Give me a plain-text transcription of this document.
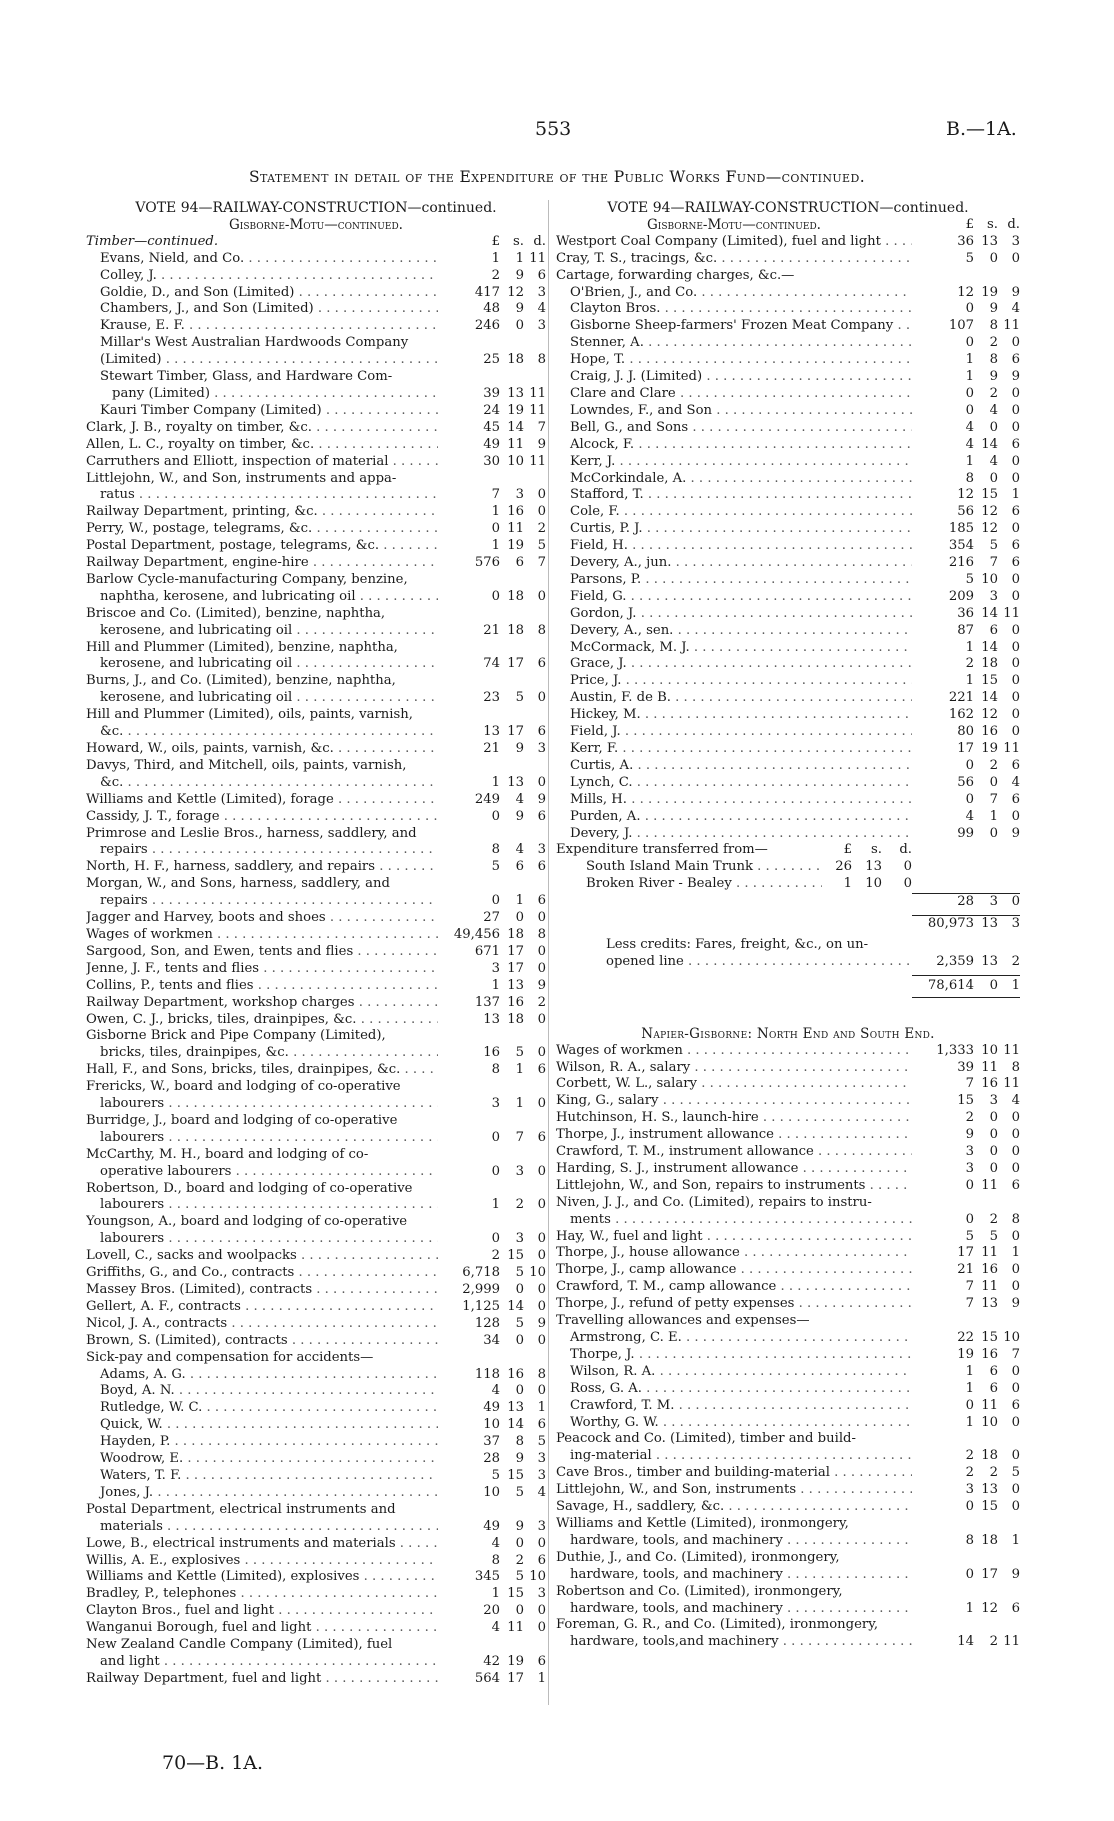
553	B.—1A.
Statement in detail of the Expenditure of the Public Works Fund—continued.
VOTE 94—RAILWAY-CONSTRUCTION—continued.
Gisborne-Motu—continued.
Timber—continued.	£ s. d.
Evans, Nield, and Co. . . .	1	1 11
Colley, J. . . .	2	9	6
Goldie, D., and Son (Limited) . . .	417 12	3
Chambers, J., and Son (Limited) . . .	48	9	4
Krause, E. F. . . .	246	0	3
Millar's West Australian Hardwoods Company
(Limited) . . .	25 18	8
Stewart Timber, Glass, and Hardware Com-
pany (Limited) . . .	39 13 11
Kauri Timber Company (Limited) . . .	24 19 11
Clark, J. B., royalty on timber, &c. . . .	45 14	7
Allen, L. C., royalty on timber, &c. . . .	49 11	9
Carruthers and Elliott, inspection of material . . .	30 10 11
Littlejohn, W., and Son, instruments and appa-
ratus . . .	7	3	0
Railway Department, printing, &c. . . .	1 16	0
Perry, W., postage, telegrams, &c. . . .	0 11	2
Postal Department, postage, telegrams, &c. . . .	1 19	5
Railway Department, engine-hire . . .	576	6	7
Barlow Cycle-manufacturing Company, benzine,
naphtha, kerosene, and lubricating oil . . .	0 18	0
Briscoe and Co. (Limited), benzine, naphtha,
kerosene, and lubricating oil . . .	21 18	8
Hill and Plummer (Limited), benzine, naphtha,
kerosene, and lubricating oil . . .	74 17	6
Burns, J., and Co. (Limited), benzine, naphtha,
kerosene, and lubricating oil . . .	23	5	0
Hill and Plummer (Limited), oils, paints, varnish,
&c. . . .	13 17	6
Howard, W., oils, paints, varnish, &c. . . .	21	9	3
Davys, Third, and Mitchell, oils, paints, varnish,
&c. . . .	1 13	0
Williams and Kettle (Limited), forage . . .	249	4	9
Cassidy, J. T., forage . . .	0	9	6
Primrose and Leslie Bros., harness, saddlery, and
repairs . . .	8	4	3
North, H. F., harness, saddlery, and repairs . . .	5	6	6
Morgan, W., and Sons, harness, saddlery, and
repairs . . .	0	1	6
Jagger and Harvey, boots and shoes . . .	27	0	0
Wages of workmen . . .	49,456 18	8
Sargood, Son, and Ewen, tents and flies . . .	671 17	0
Jenne, J. F., tents and flies . . .	3 17	0
Collins, P., tents and flies . . .	1 13	9
Railway Department, workshop charges . . .	137 16	2
Owen, C. J., bricks, tiles, drainpipes, &c. . . .	13 18	0
Gisborne Brick and Pipe Company (Limited),
bricks, tiles, drainpipes, &c. . . .	16	5	0
Hall, F., and Sons, bricks, tiles, drainpipes, &c. . . .	8	1	6
Frericks, W., board and lodging of co-operative
labourers . . .	3	1	0
Burridge, J., board and lodging of co-operative
labourers . . .	0	7	6
McCarthy, M. H., board and lodging of co-
operative labourers . . .	0	3	0
Robertson, D., board and lodging of co-operative
labourers . . .	1	2	0
Youngson, A., board and lodging of co-operative
labourers . . .	0	3	0
Lovell, C., sacks and woolpacks . . .	2 15	0
Griffiths, G., and Co., contracts . . .	6,718	5 10
Massey Bros. (Limited), contracts . . .	2,999	0	0
Gellert, A. F., contracts . . .	1,125 14	0
Nicol, J. A., contracts . . .	128	5	9
Brown, S. (Limited), contracts . . .	34	0	0
Sick-pay and compensation for accidents—
Adams, A. G. . . .	118 16	8
Boyd, A. N. . . .	4	0	0
Rutledge, W. C. . . .	49 13	1
Quick, W. . . .	10 14	6
Hayden, P. . . .	37	8	5
Woodrow, E. . . .	28	9	3
Waters, T. F. . . .	5 15	3
Jones, J. . . .	10	5	4
Postal Department, electrical instruments and
materials . . .	49	9	3
Lowe, B., electrical instruments and materials . . .	4	0	0
Willis, A. E., explosives . . .	8	2	6
Williams and Kettle (Limited), explosives . . .	345	5 10
Bradley, P., telephones . . .	1 15	3
Clayton Bros., fuel and light . . .	20	0	0
Wanganui Borough, fuel and light . . .	4 11	0
New Zealand Candle Company (Limited), fuel
and light . . .	42 19	6
Railway Department, fuel and light . . .	564 17	1
VOTE 94—RAILWAY-CONSTRUCTION—continued.
Gisborne-Motu—continued.	£ s. d.
Westport Coal Company (Limited), fuel and light . . .	36 13	3
Cray, T. S., tracings, &c. . . .	5	0	0
Cartage, forwarding charges, &c.—
O'Brien, J., and Co. . . .	12 19	9
Clayton Bros. . . .	0	9	4
Gisborne Sheep-farmers' Frozen Meat Company . . .	107	8 11
Stenner, A. . . .	0	2	0
Hope, T. . . .	1	8	6
Craig, J. J. (Limited) . . .	1	9	9
Clare and Clare . . .	0	2	0
Lowndes, F., and Son . . .	0	4	0
Bell, G., and Sons . . .	4	0	0
Alcock, F. . . .	4 14	6
Kerr, J. . . .	1	4	0
McCorkindale, A. . . .	8	0	0
Stafford, T. . . .	12 15	1
Cole, F. . . .	56 12	6
Curtis, P. J. . . .	185 12	0
Field, H. . . .	354	5	6
Devery, A., jun. . . .	216	7	6
Parsons, P. . . .	5 10	0
Field, G. . . .	209	3	0
Gordon, J. . . .	36 14 11
Devery, A., sen. . . .	87	6	0
McCormack, M. J. . . .	1 14	0
Grace, J. . . .	2 18	0
Price, J. . . .	1 15	0
Austin, F. de B. . . .	221 14	0
Hickey, M. . . .	162 12	0
Field, J. . . .	80 16	0
Kerr, F. . . .	17 19 11
Curtis, A. . . .	0	2	6
Lynch, C. . . .	56	0	4
Mills, H. . . .	0	7	6
Purden, A. . . .	4	1	0
Devery, J. . . .	99	0	9
Expenditure transferred from—	£	s.	d.
South Island Main Trunk . . .	26	13	0
Broken River - Bealey . . .	1	10	0
28	3	0
80,973 13	3
Less credits: Fares, freight, &c., on un-
opened line . . .	2,359 13	2
78,614	0	1
Napier-Gisborne: North End and South End.
Wages of workmen . . .	1,333 10 11
Wilson, R. A., salary . . .	39 11	8
Corbett, W. L., salary . . .	7 16 11
King, G., salary . . .	15	3	4
Hutchinson, H. S., launch-hire . . .	2	0	0
Thorpe, J., instrument allowance . . .	9	0	0
Crawford, T. M., instrument allowance . . .	3	0	0
Harding, S. J., instrument allowance . . .	3	0	0
Littlejohn, W., and Son, repairs to instruments . . .	0 11	6
Niven, J. J., and Co. (Limited), repairs to instru-
ments . . .	0	2	8
Hay, W., fuel and light . . .	5	5	0
Thorpe, J., house allowance . . .	17 11	1
Thorpe, J., camp allowance . . .	21 16	0
Crawford, T. M., camp allowance . . .	7 11	0
Thorpe, J., refund of petty expenses . . .	7 13	9
Travelling allowances and expenses—
Armstrong, C. E. . . .	22 15 10
Thorpe, J. . . .	19 16	7
Wilson, R. A. . . .	1	6	0
Ross, G. A. . . .	1	6	0
Crawford, T. M. . . .	0 11	6
Worthy, G. W. . . .	1 10	0
Peacock and Co. (Limited), timber and build-
ing-material . . .	2 18	0
Cave Bros., timber and building-material . . .	2	2	5
Littlejohn, W., and Son, instruments . . .	3 13	0
Savage, H., saddlery, &c. . . .	0 15	0
Williams and Kettle (Limited), ironmongery,
hardware, tools, and machinery . . .	8 18	1
Duthie, J., and Co. (Limited), ironmongery,
hardware, tools, and machinery . . .	0 17	9
Robertson and Co. (Limited), ironmongery,
hardware, tools, and machinery . . .	1 12	6
Foreman, G. R., and Co. (Limited), ironmongery,
hardware, tools,and machinery . . .	14	2 11
70—B. 1A.
